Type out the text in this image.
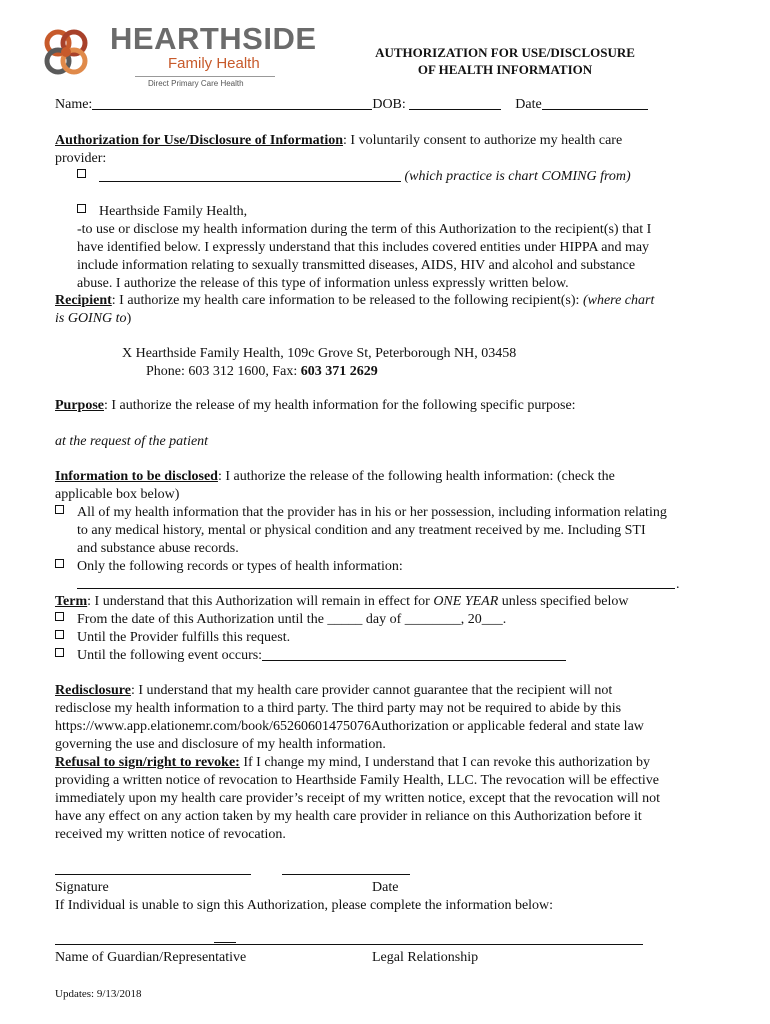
HEARTHSIDE
Family Health
Direct Primary Care Health
AUTHORIZATION FOR USE/DISCLOSURE
OF HEALTH INFORMATION
Name:	DOB:	Date
Authorization for Use/Disclosure of Information: I voluntarily consent to authorize my health care
provider:
(which practice is chart COMING from)
Hearthside Family Health,
-to use or disclose my health information during the term of this Authorization to the recipient(s) that I
have identified below. I expressly understand that this includes covered entities under HIPPA and may
include information relating to sexually transmitted diseases, AIDS, HIV and alcohol and substance
abuse. I authorize the release of this type of information unless expressly written below.
Recipient: I authorize my health care information to be released to the following recipient(s): (where chart
is GOING to)
X Hearthside Family Health, 109c Grove St, Peterborough NH, 03458
Phone: 603 312 1600, Fax: 603 371 2629
Purpose: I authorize the release of my health information for the following specific purpose:
at the request of the patient
Information to be disclosed: I authorize the release of the following health information: (check the
applicable box below)
All of my health information that the provider has in his or her possession, including information relating
to any medical history, mental or physical condition and any treatment received by me. Including STI
and substance abuse records.
Only the following records or types of health information:
.
Term: I understand that this Authorization will remain in effect for ONE YEAR unless specified below
From the date of this Authorization until the _____ day of ________, 20___.
Until the Provider fulfills this request.
Until the following event occurs:
Redisclosure: I understand that my health care provider cannot guarantee that the recipient will not
redisclose my health information to a third party. The third party may not be required to abide by this
https://www.app.elationemr.com/book/65260601475076Authorization or applicable federal and state law
governing the use and disclosure of my health information.
Refusal to sign/right to revoke: If I change my mind, I understand that I can revoke this authorization by
providing a written notice of revocation to Hearthside Family Health, LLC. The revocation will be effective
immediately upon my health care provider’s receipt of my written notice, except that the revocation will not
have any effect on any action taken by my health care provider in reliance on this Authorization before it
received my written notice of revocation.
Signature	Date
If Individual is unable to sign this Authorization, please complete the information below:
Name of Guardian/Representative	Legal Relationship
Updates: 9/13/2018
